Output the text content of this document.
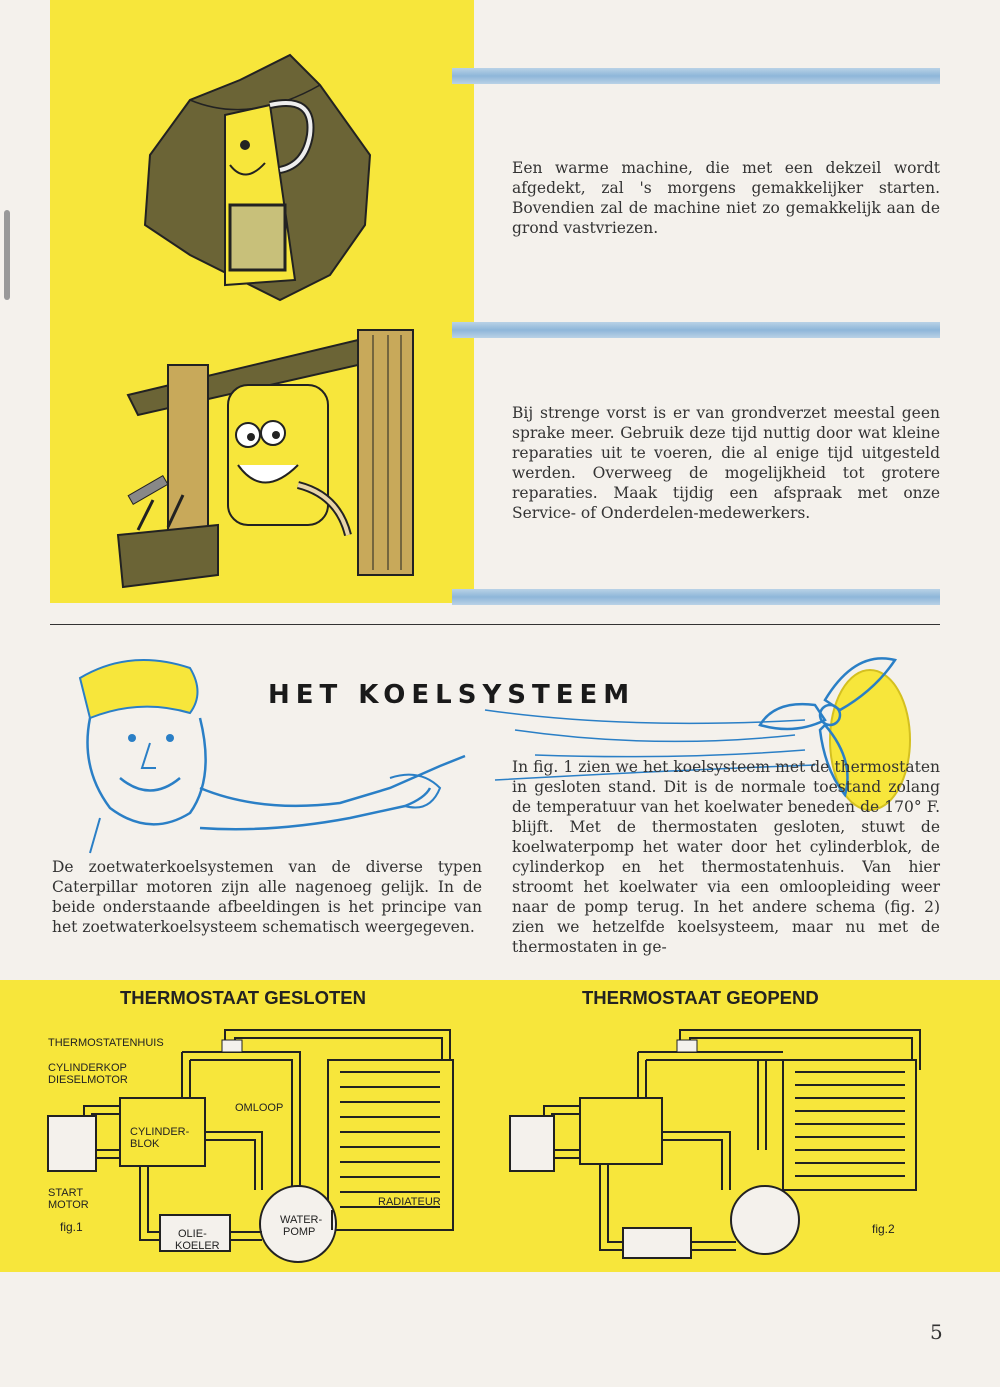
Een warme machine, die met een dekzeil wordt afgedekt, zal 's morgens gemakkelijker starten. Bovendien zal de machine niet zo gemakkelijk aan de grond vastvriezen.
Bij strenge vorst is er van grondverzet meestal geen sprake meer. Gebruik deze tijd nuttig door wat kleine reparaties uit te voeren, die al enige tijd uitgesteld werden. Overweeg de mogelijkheid tot grotere reparaties. Maak tijdig een afspraak met onze Service- of Onderdelen-medewerkers.
HET KOELSYSTEEM
De zoetwaterkoelsystemen van de diverse typen Caterpillar motoren zijn alle nagenoeg gelijk. In de beide onderstaande afbeeldingen is het principe van het zoetwaterkoelsysteem schematisch weergegeven.
In fig. 1 zien we het koelsysteem met de thermostaten in gesloten stand. Dit is de normale toestand zolang de temperatuur van het koelwater beneden de 170° F. blijft. Met de thermostaten gesloten, stuwt de koelwaterpomp het water door het cylinderblok, de cylinderkop en het thermostatenhuis. Van hier stroomt het koelwater via een omloopleiding weer naar de pomp terug. In het andere schema (fig. 2) zien we hetzelfde koelsysteem, maar nu met de thermostaten in ge-
THERMOSTAAT GESLOTEN	THERMOSTAAT GEOPEND
THERMOSTATENHUIS
CYLINDERKOP
DIESELMOTOR
OMLOOP
CYLINDER-
BLOK
START
MOTOR
fig.1
RADIATEUR
WATER-
POMP
OLIE-
KOELER
fig.2
5
